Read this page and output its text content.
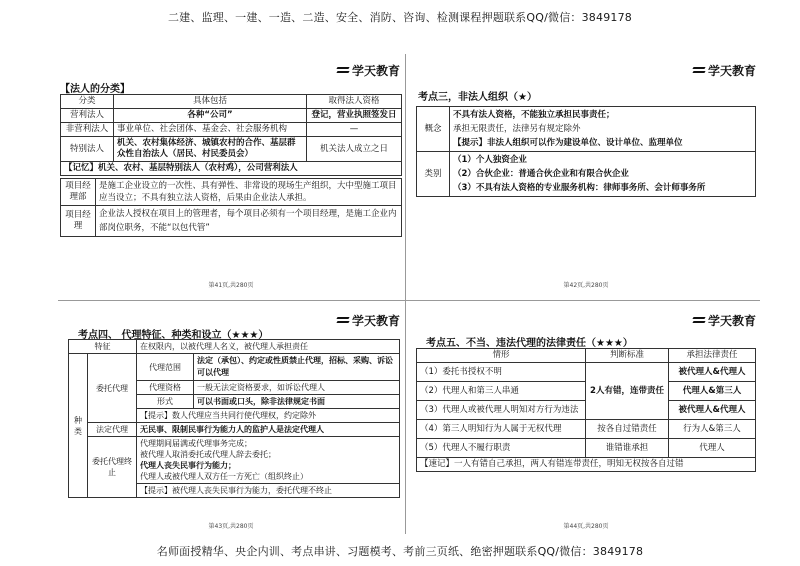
二建、监理、一建、一造、二造、安全、消防、咨询、检测课程押题联系QQ/微信：3849178
学天教育
【法人的分类】
分类	具体包括	取得法人资格
营利法人	各种“公司”	登记，营业执照签发日
非营利法人	事业单位、社会团体、基金会、社会服务机构	—
特别法人	机关、农村集体经济、城镇农村的合作、基层群众性自治法人（居民、村民委员会）	机关法人成立之日
【记忆】机关、农村、基层特别法人（农村鸡），公司营利法人		
项目经理部	是施工企业设立的一次性、具有弹性、非常设的现场生产组织，大中型施工项目应当设立；不具有独立法人资格，后果由企业法人承担。
项目经理	企业法人授权在项目上的管理者，每个项目必须有一个项目经理，是施工企业内部岗位职务，不能“以包代管”
第41页,共280页
学天教育
考点三，非法人组织（★）
概念	不具有法人资格，不能独立承担民事责任；
承担无限责任，法律另有规定除外
【提示】非法人组织可以作为建设单位、设计单位、监理单位

类别	（1）个人独资企业
（2）合伙企业：普通合伙企业和有限合伙企业
（3）不具有法人资格的专业服务机构：律师事务所、会计师事务所
第42页,共280页
学天教育
考点四、 代理特征、种类和设立（★★★）
特征		在权限内，以被代理人名义，被代理人承担责任	
种类	委托代理	代理范围	法定（承包）、约定或性质禁止代理，招标、采购、诉讼可以代理
		代理资格	一般无法定资格要求，如诉讼代理人
		形式	可以书面或口头，除非法律规定书面
		【提示】数人代理应当共同行使代理权，约定除外	
	法定代理	无民事、限制民事行为能力人的监护人是法定代理人	
	委托代理终止	代理期间届满或代理事务完成；
被代理人取消委托或代理人辞去委托；
代理人丧失民事行为能力；
代理人或被代理人双方任一方死亡（组织终止）	

		【提示】被代理人丧失民事行为能力，委托代理不终止	
第43页,共280页
学天教育
考点五、不当、违法代理的法律责任（★★★）
情形	判断标准	承担法律责任
（1）委托书授权不明	2人有错，连带责任	被代理人&代理人
（2）代理人和第三人串通		代理人&第三人
（3）代理人或被代理人明知对方行为违法		被代理人&代理人
（4）第三人明知行为人属于无权代理	按各自过错责任	行为人&第三人
（5）代理人不履行职责	谁错谁承担	代理人
【速记】一人有错自己承担，两人有错连带责任，明知无权按各自过错		
第44页,共280页
名师面授精华、央企内训、考点串讲、习题模考、考前三页纸、绝密押题联系QQ/微信：3849178
